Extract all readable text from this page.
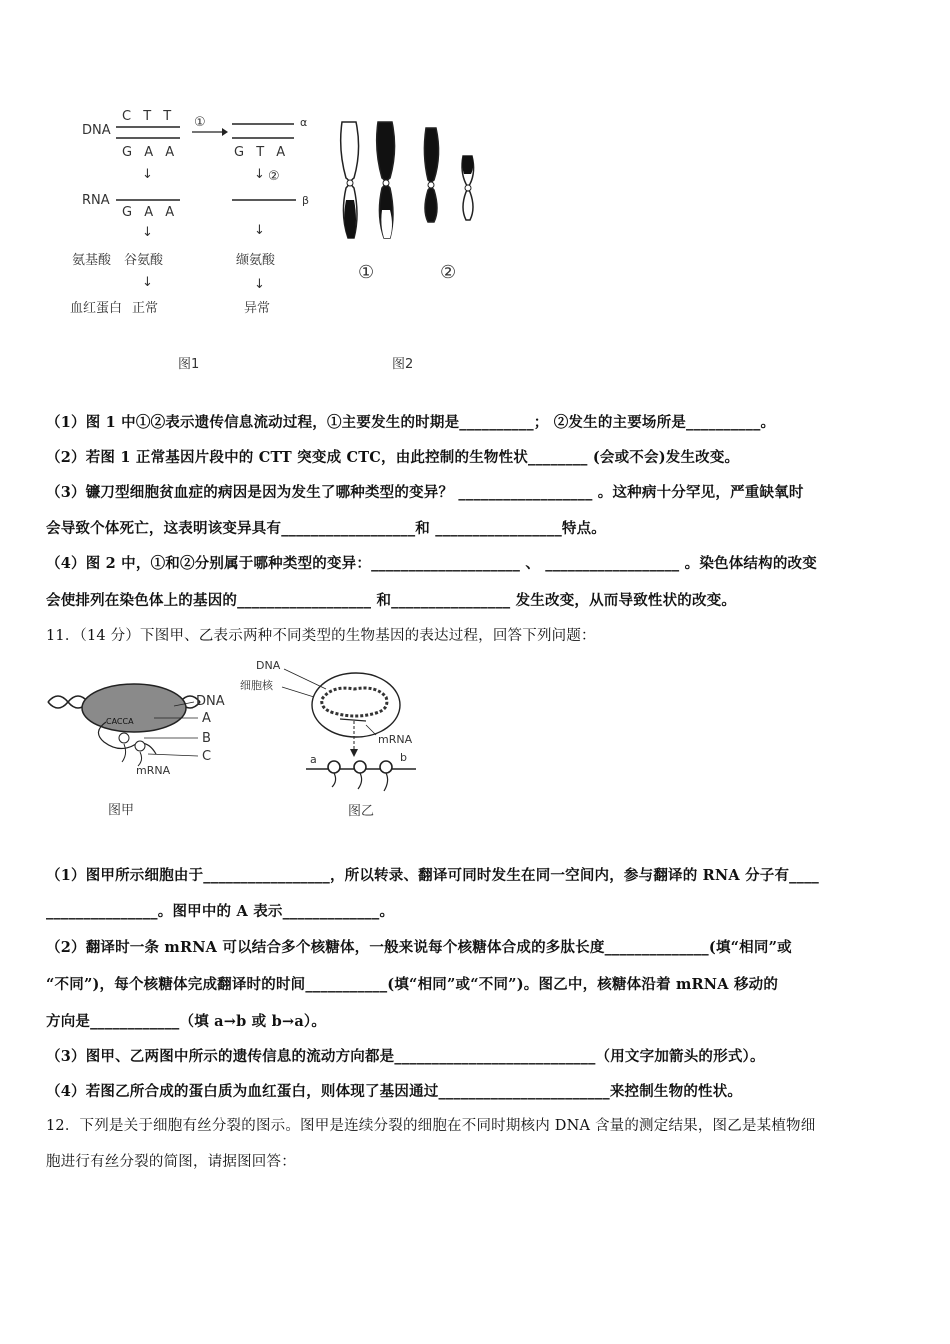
DNA
C T T
G A A
↓
RNA
G A A
↓
氨基酸 谷氨酸
↓
血红蛋白 正常
①	α
G T A
↓ ②
β
↓
缬氨酸
↓
异常
图1
①	②
图2
（1）图 1 中①②表示遗传信息流动过程，①主要发生的时期是__________； ②发生的主要场所是__________。
（2）若图 1 正常基因片段中的 CTT 突变成 CTC，由此控制的生物性状________ (会或不会)发生改变。
（3）镰刀型细胞贫血症的病因是因为发生了哪种类型的变异？ __________________ 。这种病十分罕见，严重缺氧时
会导致个体死亡，这表明该变异具有__________________和 _________________特点。
（4）图 2 中，①和②分别属于哪种类型的变异：____________________ 、 __________________ 。染色体结构的改变
会使排列在染色体上的基因的__________________ 和________________ 发生改变，从而导致性状的改变。
11．（14 分）下图甲、乙表示两种不同类型的生物基因的表达过程，回答下列问题：
CACCA
DNA
A
B
C
mRNA
图甲
DNA
细胞核
mRNA
a	b
图乙
（1）图甲所示细胞由于_________________，所以转录、翻译可同时发生在同一空间内，参与翻译的 RNA 分子有____
_______________。图甲中的 A 表示_____________。
（2）翻译时一条 mRNA 可以结合多个核糖体，一般来说每个核糖体合成的多肽长度______________(填“相同”或
“不同”)，每个核糖体完成翻译时的时间___________(填“相同”或“不同”)。图乙中，核糖体沿着 mRNA 移动的
方向是____________（填 a→b 或 b→a）。
（3）图甲、乙两图中所示的遗传信息的流动方向都是___________________________（用文字加箭头的形式）。
（4）若图乙所合成的蛋白质为血红蛋白，则体现了基因通过_______________________来控制生物的性状。
12．下列是关于细胞有丝分裂的图示。图甲是连续分裂的细胞在不同时期核内 DNA 含量的测定结果，图乙是某植物细
胞进行有丝分裂的简图，请据图回答：
